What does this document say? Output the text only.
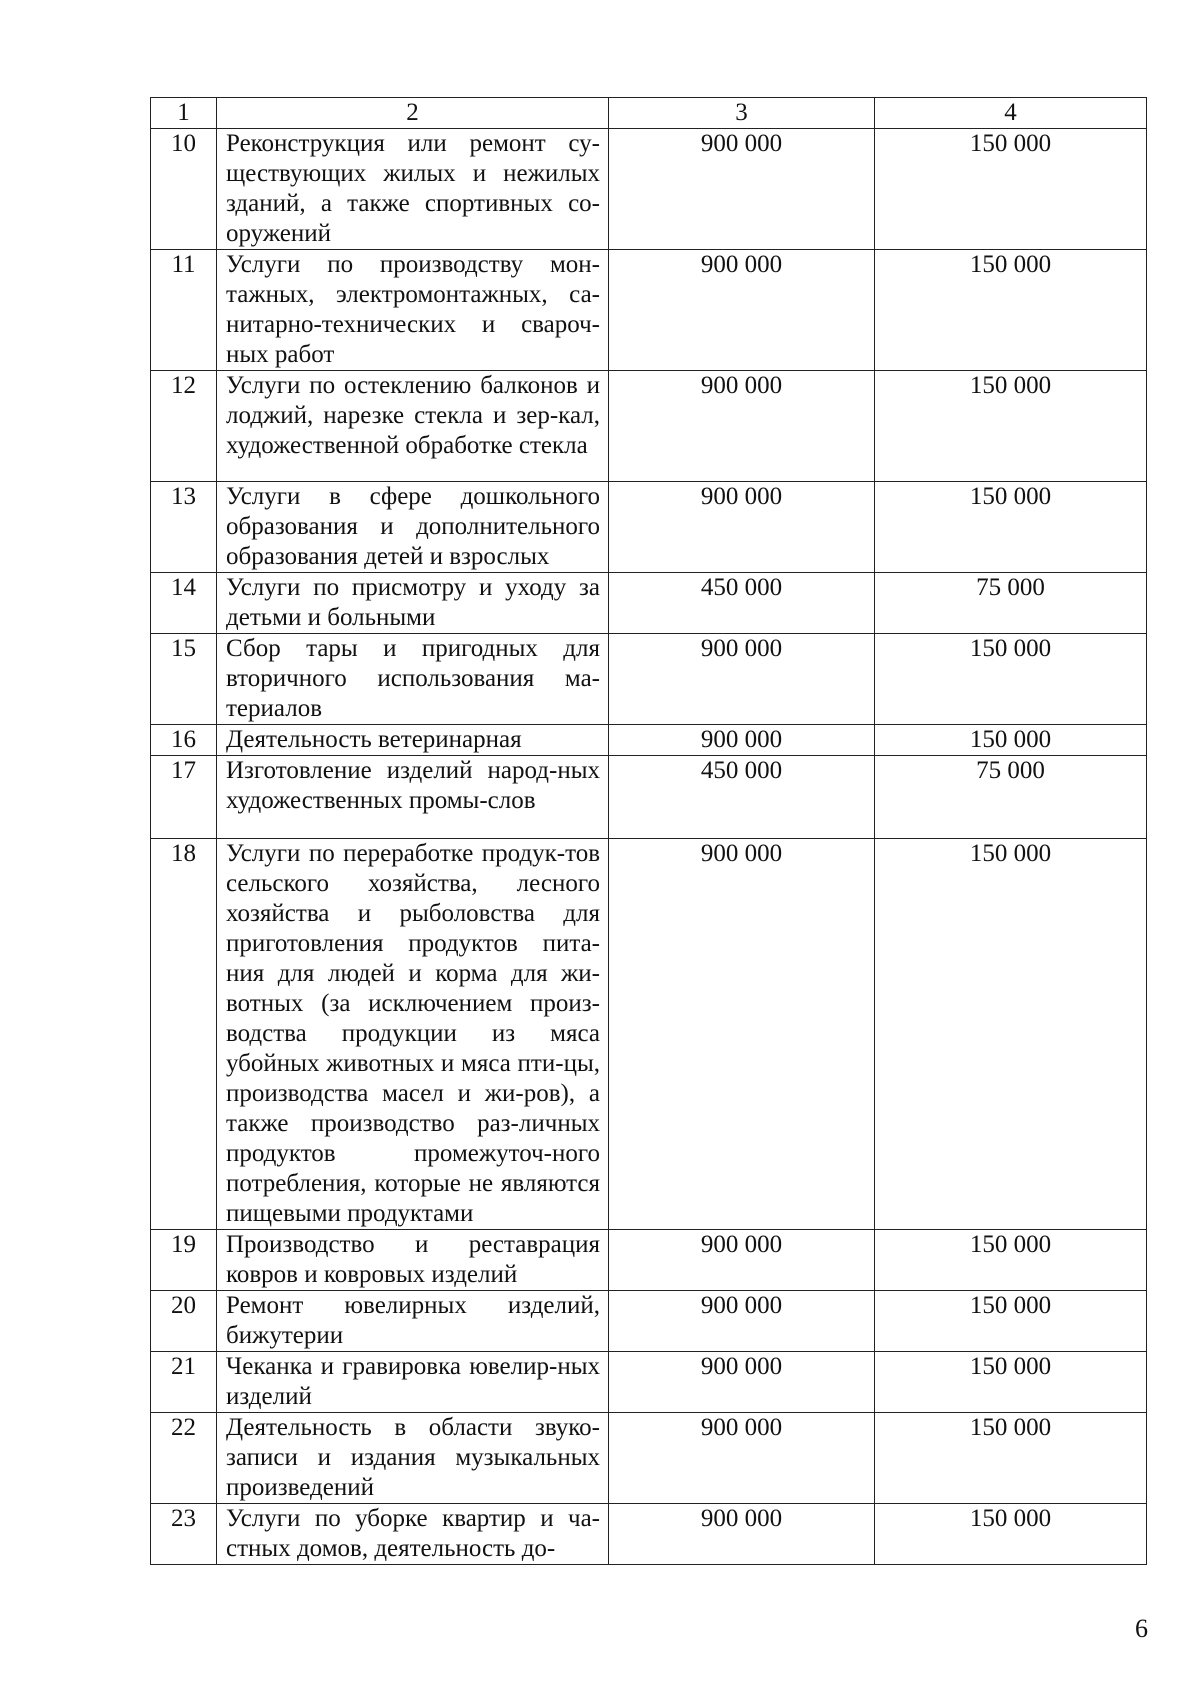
1	2	3	4
10	Реконструкция или ремонт су-ществующих жилых и нежилых зданий, а также спортивных со-оружений	900 000	150 000
11	Услуги по производству мон-тажных, электромонтажных, са-нитарно-технических и свароч-ных работ	900 000	150 000
12	Услуги по остеклению балконов и лоджий, нарезке стекла и зер-кал, художественной обработке стекла	900 000	150 000
13	Услуги в сфере дошкольного образования и дополнительного образования детей и взрослых	900 000	150 000
14	Услуги по присмотру и уходу за детьми и больными	450 000	75 000
15	Сбор тары и пригодных для вторичного использования ма-териалов	900 000	150 000
16	Деятельность ветеринарная	900 000	150 000
17	Изготовление изделий народ-ных художественных промы-слов	450 000	75 000
18	Услуги по переработке продук-тов сельского хозяйства, лесного хозяйства и рыболовства для приготовления продуктов пита-ния для людей и корма для жи-вотных (за исключением произ-водства продукции из мяса убойных животных и мяса пти-цы, производства масел и жи-ров), а также производство раз-личных продуктов промежуточ-ного потребления, которые не являются пищевыми продуктами	900 000	150 000
19	Производство и реставрация ковров и ковровых изделий	900 000	150 000
20	Ремонт ювелирных изделий, бижутерии	900 000	150 000
21	Чеканка и гравировка ювелир-ных изделий	900 000	150 000
22	Деятельность в области звуко-записи и издания музыкальных произведений	900 000	150 000
23	Услуги по уборке квартир и ча-стных домов, деятельность до-	900 000	150 000
6
